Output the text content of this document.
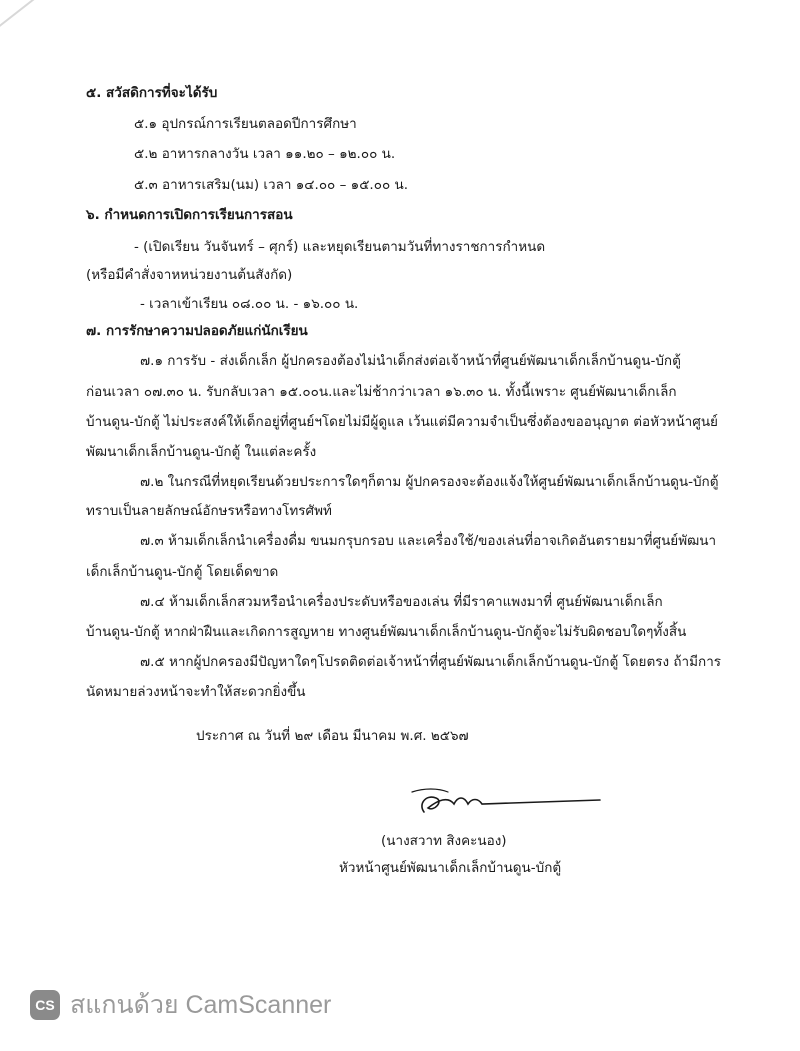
๕. สวัสดิการที่จะได้รับ
๕.๑ อุปกรณ์การเรียนตลอดปีการศึกษา
๕.๒ อาหารกลางวัน เวลา ๑๑.๒๐ – ๑๒.๐๐ น.
๕.๓ อาหารเสริม(นม) เวลา ๑๔.๐๐ – ๑๕.๐๐ น.
๖. กำหนดการเปิดการเรียนการสอน
- (เปิดเรียน วันจันทร์ – ศุกร์) และหยุดเรียนตามวันที่ทางราชการกำหนด
(หรือมีคำสั่งจาหหน่วยงานต้นสังกัด)
- เวลาเข้าเรียน ๐๘.๐๐ น. - ๑๖.๐๐ น.
๗. การรักษาความปลอดภัยแก่นักเรียน
๗.๑ การรับ - ส่งเด็กเล็ก ผู้ปกครองต้องไม่นำเด็กส่งต่อเจ้าหน้าที่ศูนย์พัฒนาเด็กเล็กบ้านดูน-บักตู้
ก่อนเวลา ๐๗.๓๐ น. รับกลับเวลา ๑๕.๐๐น.และไม่ช้ากว่าเวลา ๑๖.๓๐ น. ทั้งนี้เพราะ ศูนย์พัฒนาเด็กเล็ก
บ้านดูน-บักตู้ ไม่ประสงค์ให้เด็กอยู่ที่ศูนย์ฯโดยไม่มีผู้ดูแล เว้นแต่มีความจำเป็นซึ่งต้องขออนุญาต ต่อหัวหน้าศูนย์
พัฒนาเด็กเล็กบ้านดูน-บักตู้ ในแต่ละครั้ง
๗.๒ ในกรณีที่หยุดเรียนด้วยประการใดๆก็ตาม ผู้ปกครองจะต้องแจ้งให้ศูนย์พัฒนาเด็กเล็กบ้านดูน-บักตู้
ทราบเป็นลายลักษณ์อักษรหรือทางโทรศัพท์
๗.๓ ห้ามเด็กเล็กนำเครื่องดื่ม ขนมกรุบกรอบ และเครื่องใช้/ของเล่นที่อาจเกิดอันตรายมาที่ศูนย์พัฒนา
เด็กเล็กบ้านดูน-บักตู้ โดยเด็ดขาด
๗.๔ ห้ามเด็กเล็กสวมหรือนำเครื่องประดับหรือของเล่น ที่มีราคาแพงมาที่ ศูนย์พัฒนาเด็กเล็ก
บ้านดูน-บักตู้ หากฝ่าฝืนและเกิดการสูญหาย ทางศูนย์พัฒนาเด็กเล็กบ้านดูน-บักตู้จะไม่รับผิดชอบใดๆทั้งสิ้น
๗.๕ หากผู้ปกครองมีปัญหาใดๆโปรดติดต่อเจ้าหน้าที่ศูนย์พัฒนาเด็กเล็กบ้านดูน-บักตู้ โดยตรง ถ้ามีการ
นัดหมายล่วงหน้าจะทำให้สะดวกยิ่งขึ้น
ประกาศ ณ วันที่ ๒๙ เดือน มีนาคม พ.ศ. ๒๕๖๗
(นางสวาท สิงคะนอง)
หัวหน้าศูนย์พัฒนาเด็กเล็กบ้านดูน-บักตู้
CS สแกนด้วย CamScanner
